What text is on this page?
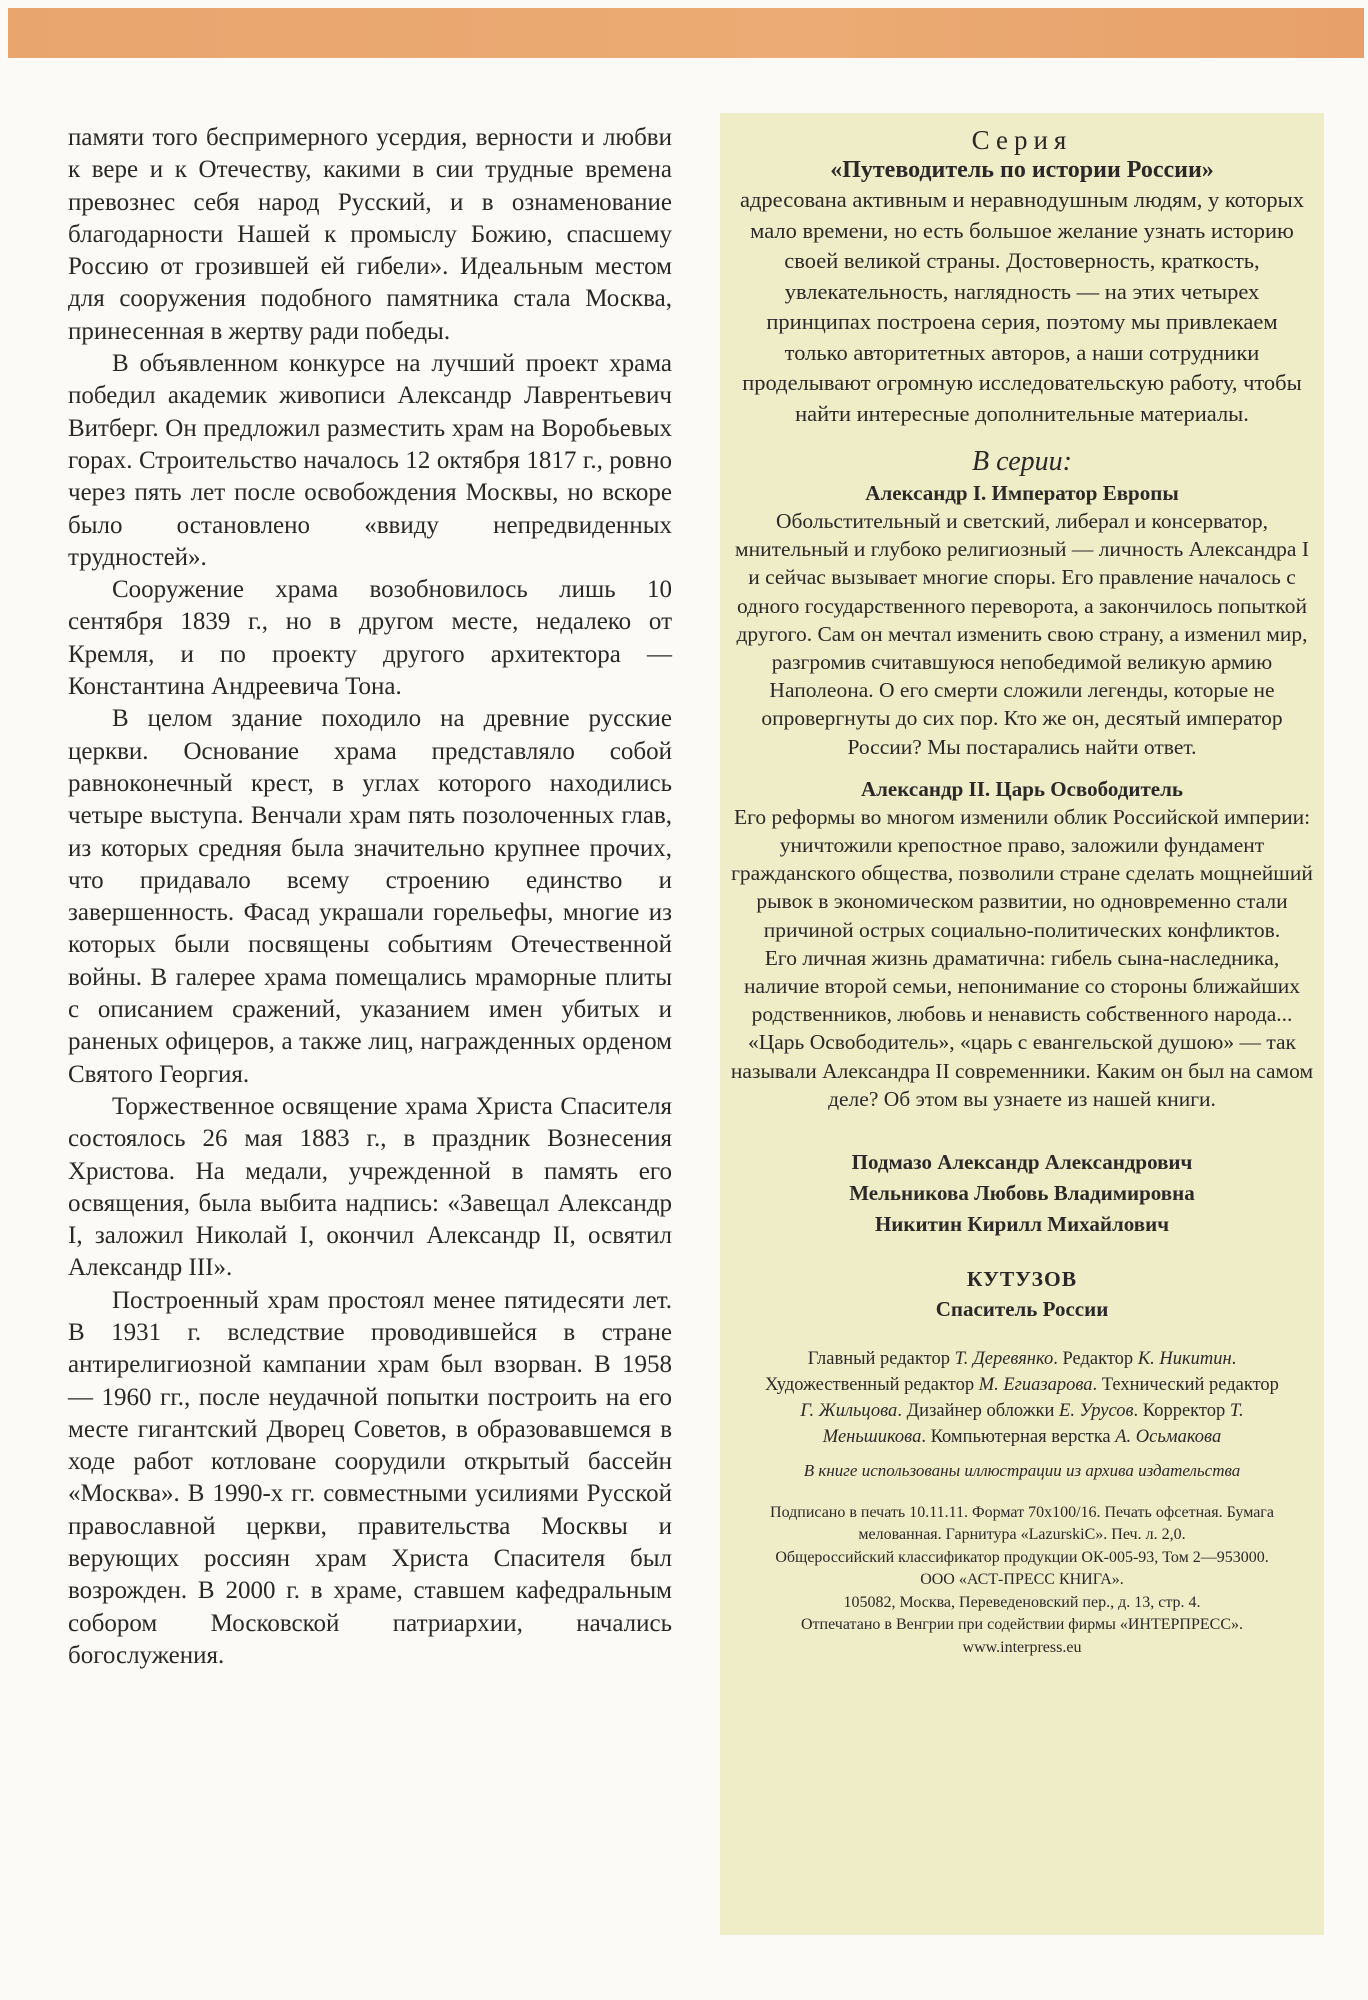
памяти того беспримерного усердия, верности и любви к вере и к Отечеству, какими в сии трудные времена превознес себя народ Русский, и в ознаменование благодарности Нашей к промыслу Божию, спасшему Россию от грозившей ей гибели». Идеальным местом для сооружения подобного памятника стала Москва, принесенная в жертву ради победы.

В объявленном конкурсе на лучший проект храма победил академик живописи Александр Лаврентьевич Витберг. Он предложил разместить храм на Воробьевых горах. Строительство началось 12 октября 1817 г., ровно через пять лет после освобождения Москвы, но вскоре было остановлено «ввиду непредвиденных трудностей».

Сооружение храма возобновилось лишь 10 сентября 1839 г., но в другом месте, недалеко от Кремля, и по проекту другого архитектора — Константина Андреевича Тона.

В целом здание походило на древние русские церкви. Основание храма представляло собой равноконечный крест, в углах которого находились четыре выступа. Венчали храм пять позолоченных глав, из которых средняя была значительно крупнее прочих, что придавало всему строению единство и завершенность. Фасад украшали горельефы, многие из которых были посвящены событиям Отечественной войны. В галерее храма помещались мраморные плиты с описанием сражений, указанием имен убитых и раненых офицеров, а также лиц, награжденных орденом Святого Георгия.

Торжественное освящение храма Христа Спасителя состоялось 26 мая 1883 г., в праздник Вознесения Христова. На медали, учрежденной в память его освящения, была выбита надпись: «Завещал Александр I, заложил Николай I, окончил Александр II, освятил Александр III».

Построенный храм простоял менее пятидесяти лет. В 1931 г. вследствие проводившейся в стране антирелигиозной кампании храм был взорван. В 1958 — 1960 гг., после неудачной попытки построить на его месте гигантский Дворец Советов, в образовавшемся в ходе работ котловане соорудили открытый бассейн «Москва». В 1990-х гг. совместными усилиями Русской православной церкви, правительства Москвы и верующих россиян храм Христа Спасителя был возрожден. В 2000 г. в храме, ставшем кафедральным собором Московской патриархии, начались богослужения.

Серия

«Путеводитель по истории России»

адресована активным и неравнодушным людям, у которых мало времени, но есть большое желание узнать историю своей великой страны. Достоверность, краткость, увлекательность, наглядность — на этих четырех принципах построена серия, поэтому мы привлекаем только авторитетных авторов, а наши сотрудники проделывают огромную исследовательскую работу, чтобы найти интересные дополнительные материалы.

В серии:

Александр I. Император Европы

Обольстительный и светский, либерал и консерватор, мнительный и глубоко религиозный — личность Александра I и сейчас вызывает многие споры. Его правление началось с одного государственного переворота, а закончилось попыткой другого. Сам он мечтал изменить свою страну, а изменил мир, разгромив считавшуюся непобедимой великую армию Наполеона. О его смерти сложили легенды, которые не опровергнуты до сих пор. Кто же он, десятый император России? Мы постарались найти ответ.

Александр II. Царь Освободитель

Его реформы во многом изменили облик Российской империи: уничтожили крепостное право, заложили фундамент гражданского общества, позволили стране сделать мощнейший рывок в экономическом развитии, но одновременно стали причиной острых социально-политических конфликтов.

Его личная жизнь драматична: гибель сына-наследника, наличие второй семьи, непонимание со стороны ближайших родственников, любовь и ненависть собственного народа...

«Царь Освободитель», «царь с евангельской душою» — так называли Александра II современники. Каким он был на самом деле? Об этом вы узнаете из нашей книги.

Подмазо Александр Александрович
Мельникова Любовь Владимировна
Никитин Кирилл Михайлович

КУТУЗОВ

Спаситель России

Главный редактор Т. Деревянко. Редактор К. Никитин. Художественный редактор М. Егиазарова. Технический редактор Г. Жильцова. Дизайнер обложки Е. Урусов. Корректор Т. Меньшикова. Компьютерная верстка А. Осьмакова

В книге использованы иллюстрации из архива издательства

Подписано в печать 10.11.11. Формат 70х100/16. Печать офсетная. Бумага мелованная. Гарнитура «LazurskiC». Печ. л. 2,0.
Общероссийский классификатор продукции ОК-005-93, Том 2—953000.
ООО «АСТ-ПРЕСС КНИГА».
105082, Москва, Переведеновский пер., д. 13, стр. 4.
Отпечатано в Венгрии при содействии фирмы «ИНТЕРПРЕСС».
www.interpress.eu
